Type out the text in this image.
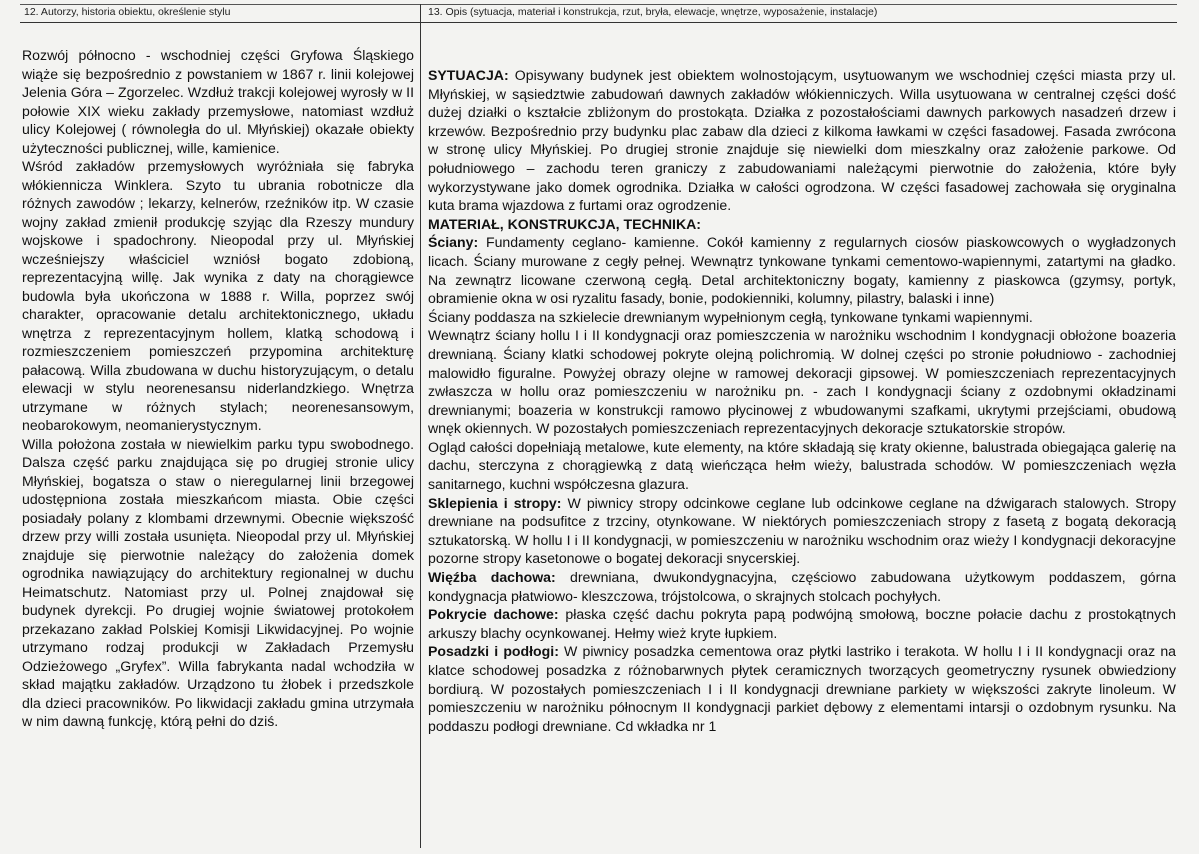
12. Autorzy, historia obiektu, określenie stylu	13. Opis (sytuacja, materiał i konstrukcja, rzut, bryła, elewacje, wnętrze, wyposażenie, instalacje)

Rozwój północno - wschodniej części Gryfowa Śląskiego wiąże się bezpośrednio z powstaniem w 1867 r. linii kolejowej Jelenia Góra – Zgorzelec. Wzdłuż trakcji kolejowej wyrosły w II połowie XIX wieku zakłady przemysłowe, natomiast wzdłuż ulicy Kolejowej ( równoległa do ul. Młyńskiej) okazałe obiekty użyteczności publicznej, wille, kamienice.

Wśród zakładów przemysłowych wyróżniała się fabryka włókiennicza Winklera. Szyto tu ubrania robotnicze dla różnych zawodów ; lekarzy, kelnerów, rzeźników itp. W czasie wojny zakład zmienił produkcję szyjąc dla Rzeszy mundury wojskowe i spadochrony. Nieopodal przy ul. Młyńskiej wcześniejszy właściciel wzniósł bogato zdobioną, reprezentacyjną willę. Jak wynika z daty na chorągiewce budowla była ukończona w 1888 r. Willa, poprzez swój charakter, opracowanie detalu architektonicznego, układu wnętrza z reprezentacyjnym hollem, klatką schodową i rozmieszczeniem pomieszczeń przypomina architekturę pałacową. Willa zbudowana w duchu historyzującym, o detalu elewacji w stylu neorenesansu niderlandzkiego. Wnętrza utrzymane w różnych stylach; neorenesansowym, neobarokowym, neomanierystycznym.

Willa położona została w niewielkim parku typu swobodnego. Dalsza część parku znajdująca się po drugiej stronie ulicy Młyńskiej, bogatsza o staw o nieregularnej linii brzegowej udostępniona została mieszkańcom miasta. Obie części posiadały polany z klombami drzewnymi. Obecnie większość drzew przy willi została usunięta. Nieopodal przy ul. Młyńskiej znajduje się pierwotnie należący do założenia domek ogrodnika nawiązujący do architektury regionalnej w duchu Heimatschutz. Natomiast przy ul. Polnej znajdował się budynek dyrekcji. Po drugiej wojnie światowej protokołem przekazano zakład Polskiej Komisji Likwidacyjnej. Po wojnie utrzymano rodzaj produkcji w Zakładach Przemysłu Odzieżowego „Gryfex”. Willa fabrykanta nadal wchodziła w skład majątku zakładów. Urządzono tu żłobek i przedszkole dla dzieci pracowników. Po likwidacji zakładu gmina utrzymała w nim dawną funkcję, którą pełni do dziś.

SYTUACJA: Opisywany budynek jest obiektem wolnostojącym, usytuowanym we wschodniej części miasta przy ul. Młyńskiej, w sąsiedztwie zabudowań dawnych zakładów włókienniczych. Willa usytuowana w centralnej części dość dużej działki o kształcie zbliżonym do prostokąta. Działka z pozostałościami dawnych parkowych nasadzeń drzew i krzewów. Bezpośrednio przy budynku plac zabaw dla dzieci z kilkoma ławkami w części fasadowej. Fasada zwrócona w stronę ulicy Młyńskiej. Po drugiej stronie znajduje się niewielki dom mieszkalny oraz założenie parkowe. Od południowego – zachodu teren graniczy z zabudowaniami należącymi pierwotnie do założenia, które były wykorzystywane jako domek ogrodnika. Działka w całości ogrodzona. W części fasadowej zachowała się oryginalna kuta brama wjazdowa z furtami oraz ogrodzenie.

MATERIAŁ, KONSTRUKCJA, TECHNIKA:

Ściany: Fundamenty ceglano- kamienne. Cokół kamienny z regularnych ciosów piaskowcowych o wygładzonych licach. Ściany murowane z cegły pełnej. Wewnątrz tynkowane tynkami cementowo-wapiennymi, zatartymi na gładko. Na zewnątrz licowane czerwoną cegłą. Detal architektoniczny bogaty, kamienny z piaskowca (gzymsy, portyk, obramienie okna w osi ryzalitu fasady, bonie, podokienniki, kolumny, pilastry, balaski i inne)

Ściany poddasza na szkielecie drewnianym wypełnionym cegłą, tynkowane tynkami wapiennymi.

Wewnątrz ściany hollu I i II kondygnacji oraz pomieszczenia w narożniku wschodnim I kondygnacji obłożone boazeria drewnianą. Ściany klatki schodowej pokryte olejną polichromią. W dolnej części po stronie południowo - zachodniej malowidło figuralne. Powyżej obrazy olejne w ramowej dekoracji gipsowej. W pomieszczeniach reprezentacyjnych zwłaszcza w hollu oraz pomieszczeniu w narożniku pn. - zach I kondygnacji ściany z ozdobnymi okładzinami drewnianymi; boazeria w konstrukcji ramowo płycinowej z wbudowanymi szafkami, ukrytymi przejściami, obudową wnęk okiennych. W pozostałych pomieszczeniach reprezentacyjnych dekoracje sztukatorskie stropów.

Ogląd całości dopełniają metalowe, kute elementy, na które składają się kraty okienne, balustrada obiegająca galerię na dachu, sterczyna z chorągiewką z datą wieńcząca hełm wieży, balustrada schodów. W pomieszczeniach węzła sanitarnego, kuchni współczesna glazura.

Sklepienia i stropy: W piwnicy stropy odcinkowe ceglane lub odcinkowe ceglane na dźwigarach stalowych. Stropy drewniane na podsufitce z trzciny, otynkowane. W niektórych pomieszczeniach stropy z fasetą z bogatą dekoracją sztukatorską. W hollu I i II kondygnacji, w pomieszczeniu w narożniku wschodnim oraz wieży I kondygnacji dekoracyjne pozorne stropy kasetonowe o bogatej dekoracji snycerskiej.

Więźba dachowa: drewniana, dwukondygnacyjna, częściowo zabudowana użytkowym poddaszem, górna kondygnacja płatwiowo- kleszczowa, trójstolcowa, o skrajnych stolcach pochyłych.

Pokrycie dachowe: płaska część dachu pokryta papą podwójną smołową, boczne połacie dachu z prostokątnych arkuszy blachy ocynkowanej. Hełmy wież kryte łupkiem.

Posadzki i podłogi: W piwnicy posadzka cementowa oraz płytki lastriko i terakota. W hollu I i II kondygnacji oraz na klatce schodowej posadzka z różnobarwnych płytek ceramicznych tworzących geometryczny rysunek obwiedziony bordiurą. W pozostałych pomieszczeniach I i II kondygnacji drewniane parkiety w większości zakryte linoleum. W pomieszczeniu w narożniku północnym II kondygnacji parkiet dębowy z elementami intarsji o ozdobnym rysunku. Na poddaszu podłogi drewniane. Cd wkładka nr 1
